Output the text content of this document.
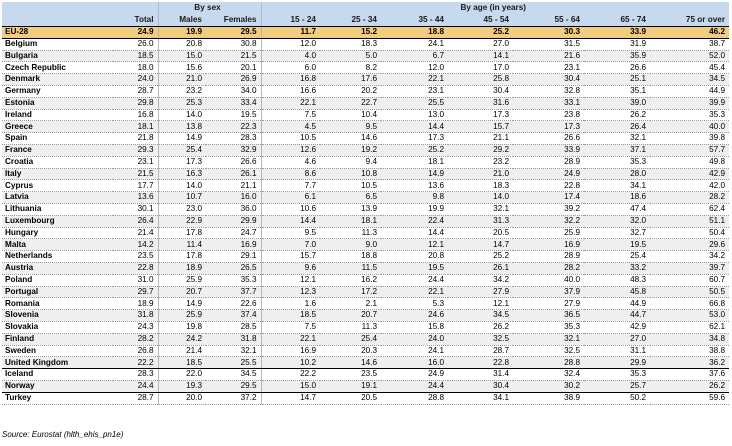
		By sex		By age (in years)						
	Total	Males	Females	15 - 24	25 - 34	35 - 44	45 - 54	55 - 64	65 - 74	75 or over
EU-28	24.9	19.9	29.5	11.7	15.2	18.8	25.2	30.3	33.9	46.2
Belgium	26.0	20.8	30.8	12.0	18.3	24.1	27.0	31.5	31.9	38.7
Bulgaria	18.5	15.0	21.5	4.0	5.0	6.7	14.1	21.6	35.9	52.0
Czech Republic	18.0	15.6	20.1	6.0	8.2	12.0	17.0	23.1	26.6	45.4
Denmark	24.0	21.0	26.9	16.8	17.6	22.1	25.8	30.4	25.1	34.5
Germany	28.7	23.2	34.0	16.6	20.2	23.1	30.4	32.8	35.1	44.9
Estonia	29.8	25.3	33.4	22.1	22.7	25.5	31.6	33.1	39.0	39.9
Ireland	16.8	14.0	19.5	7.5	10.4	13.0	17.3	23.8	26.2	35.3
Greece	18.1	13.8	22.3	4.5	9.5	14.4	15.7	17.3	26.4	40.0
Spain	21.8	14.9	28.3	10.5	14.6	17.3	21.1	26.6	32.1	39.8
France	29.3	25.4	32.9	12.6	19.2	25.2	29.2	33.9	37.1	57.7
Croatia	23.1	17.3	26.6	4.6	9.4	18.1	23.2	28.9	35.3	49.8
Italy	21.5	16.3	26.1	8.6	10.8	14.9	21.0	24.9	28.0	42.9
Cyprus	17.7	14.0	21.1	7.7	10.5	13.6	18.3	22.8	34.1	42.0
Latvia	13.6	10.7	16.0	6.1	6.5	9.8	14.0	17.4	18.6	28.2
Lithuania	30.1	23.0	36.0	10.6	13.9	19.9	32.1	39.2	47.4	62.4
Luxembourg	26.4	22.9	29.9	14.4	18.1	22.4	31.3	32.2	32.0	51.1
Hungary	21.4	17.8	24.7	9.5	11.3	14.4	20.5	25.9	32.7	50.4
Malta	14.2	11.4	16.9	7.0	9.0	12.1	14.7	16.9	19.5	29.6
Netherlands	23.5	17.8	29.1	15.7	18.8	20.8	25.2	28.9	25.4	34.2
Austria	22.8	18.9	26.5	9.6	11.5	19.5	26.1	28.2	33.2	39.7
Poland	31.0	25.9	35.3	12.1	16.2	24.4	34.2	40.0	48.3	60.7
Portugal	29.7	20.7	37.7	12.3	17.2	22.1	27.9	37.9	45.8	50.5
Romania	18.9	14.9	22.6	1.6	2.1	5.3	12.1	27.9	44.9	66.8
Slovenia	31.8	25.9	37.4	18.5	20.7	24.6	34.5	36.5	44.7	53.0
Slovakia	24.3	19.8	28.5	7.5	11.3	15.8	26.2	35.3	42.9	62.1
Finland	28.2	24.2	31.8	22.1	25.4	24.0	32.5	32.1	27.0	34.8
Sweden	26.8	21.4	32.1	16.9	20.3	24.1	28.7	32.5	31.1	38.8
United Kingdom	22.2	18.5	25.5	10.2	14.6	16.0	22.8	28.8	29.9	36.2
Iceland	28.3	22.0	34.5	22.2	23.5	24.9	31.4	32.4	35.3	37.6
Norway	24.4	19.3	29.5	15.0	19.1	24.4	30.4	30.2	25.7	26.2
Turkey	28.7	20.0	37.2	14.7	20.5	28.8	34.1	38.9	50.2	59.6
Source: Eurostat (hlth_ehis_pn1e)
